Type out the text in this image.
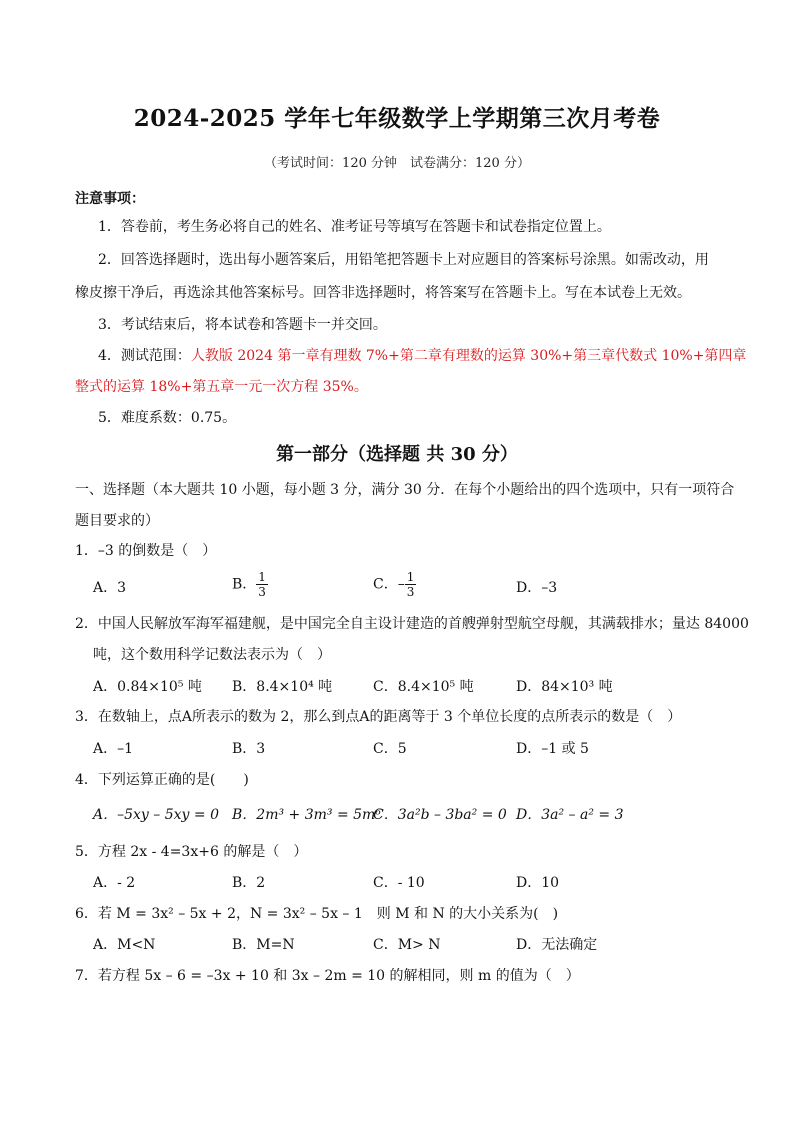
2024-2025 学年七年级数学上学期第三次月考卷
（考试时间：120 分钟　试卷满分：120 分）
注意事项：
1．答卷前，考生务必将自己的姓名、准考证号等填写在答题卡和试卷指定位置上。
2．回答选择题时，选出每小题答案后，用铅笔把答题卡上对应题目的答案标号涂黑。如需改动，用
橡皮擦干净后，再选涂其他答案标号。回答非选择题时，将答案写在答题卡上。写在本试卷上无效。
3．考试结束后，将本试卷和答题卡一并交回。
4．测试范围：人教版 2024 第一章有理数 7%+第二章有理数的运算 30%+第三章代数式 10%+第四章
整式的运算 18%+第五章一元一次方程 35%。
5．难度系数：0.75。
第一部分（选择题 共 30 分）
一、选择题（本大题共 10 小题，每小题 3 分，满分 30 分．在每个小题给出的四个选项中，只有一项符合
题目要求的）
1．–3 的倒数是（　）
A．3	B． $\frac{1}{3}$	C．– $\frac{1}{3}$	D．–3
2．中国人民解放军海军福建舰，是中国完全自主设计建造的首艘弹射型航空母舰，其满载排水；量达 84000
吨，这个数用科学记数法表示为（　）
A．0.84×10⁵ 吨 B．8.4×10⁴ 吨	C．8.4×10⁵ 吨	D．84×10³ 吨
3．在数轴上，点A所表示的数为 2，那么到点A的距离等于 3 个单位长度的点所表示的数是（　）
A．–1	B．3	C．5	D．–1 或 5
4．下列运算正确的是(　　)
A．–5xy – 5xy = 0 B．2m³ + 3m³ = 5m⁶
C．3a²b – 3ba² = 0 D．3a² – a² = 3
5．方程 2x ‑ 4=3x+6 的解是（　）
A．‑ 2	B．2	C．‑ 10	D．10
6．若 M = 3x² – 5x + 2，N = 3x² – 5x – 1　则 M 和 N 的大小关系为(　)
A．M<N	B．M=N	C．M> N	D．无法确定
7．若方程 5x – 6 = –3x + 10 和 3x – 2m = 10 的解相同，则 m 的值为（　）
